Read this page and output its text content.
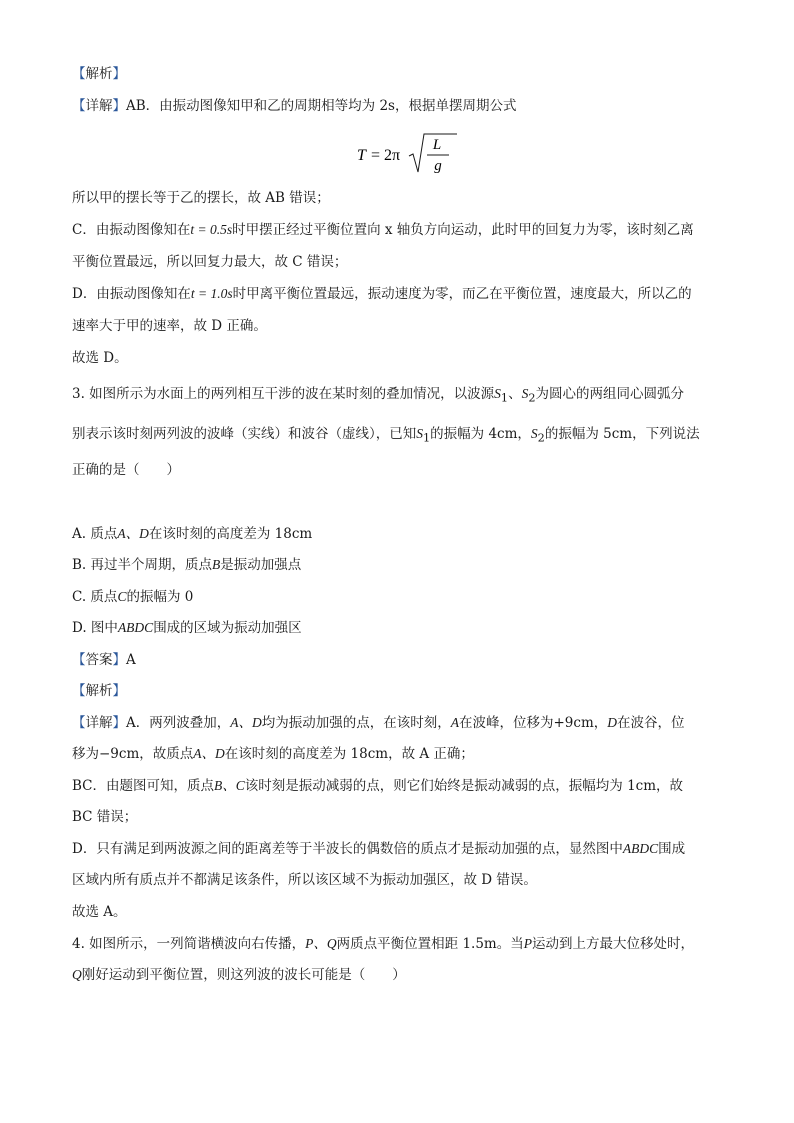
【解析】
【详解】AB．由振动图像知甲和乙的周期相等均为 2s，根据单摆周期公式
T = 2π
L
g
所以甲的摆长等于乙的摆长，故 AB 错误；
C．由振动图像知在t = 0.5s时甲摆正经过平衡位置向 x 轴负方向运动，此时甲的回复力为零，该时刻乙离
平衡位置最远，所以回复力最大，故 C 错误；
D．由振动图像知在t = 1.0s时甲离平衡位置最远，振动速度为零，而乙在平衡位置，速度最大，所以乙的
速率大于甲的速率，故 D 正确。
故选 D。
3. 如图所示为水面上的两列相互干涉的波在某时刻的叠加情况，以波源$S_1$、$S_2$为圆心的两组同心圆弧分
别表示该时刻两列波的波峰（实线）和波谷（虚线），已知$S_1$的振幅为 4cm，$S_2$的振幅为 5cm，下列说法
正确的是（　　）
A. 质点A、D在该时刻的高度差为 18cm
B. 再过半个周期，质点B是振动加强点
C. 质点C的振幅为 0
D. 图中ABDC围成的区域为振动加强区
【答案】A
【解析】
【详解】A．两列波叠加，A、D均为振动加强的点，在该时刻，A在波峰，位移为+9cm，D在波谷，位
移为−9cm，故质点A、D在该时刻的高度差为 18cm，故 A 正确；
BC．由题图可知，质点B、C该时刻是振动减弱的点，则它们始终是振动减弱的点，振幅均为 1cm，故
BC 错误；
D．只有满足到两波源之间的距离差等于半波长的偶数倍的质点才是振动加强的点，显然图中ABDC围成
区域内所有质点并不都满足该条件，所以该区域不为振动加强区，故 D 错误。
故选 A。
4. 如图所示，一列简谐横波向右传播，P、Q两质点平衡位置相距 1.5m。当P运动到上方最大位移处时，
Q刚好运动到平衡位置，则这列波的波长可能是（　　）
